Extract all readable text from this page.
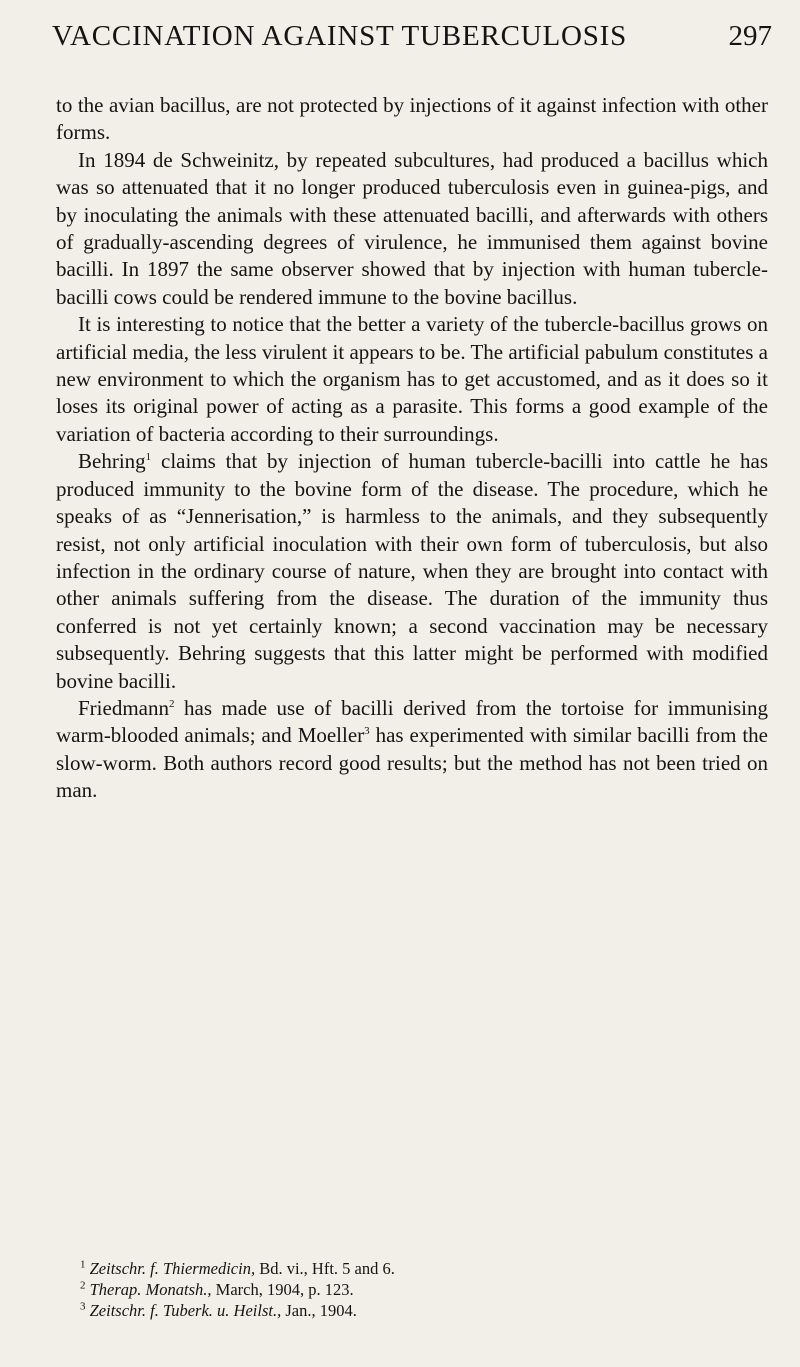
VACCINATION AGAINST TUBERCULOSIS	297

to the avian bacillus, are not protected by injections of it against infection with other forms.

In 1894 de Schweinitz, by repeated subcultures, had produced a bacillus which was so attenuated that it no longer produced tuberculosis even in guinea-pigs, and by inoculating the animals with these attenuated bacilli, and afterwards with others of gradually-ascending degrees of virulence, he immunised them against bovine bacilli. In 1897 the same observer showed that by injection with human tubercle-bacilli cows could be rendered immune to the bovine bacillus.

It is interesting to notice that the better a variety of the tubercle-bacillus grows on artificial media, the less virulent it appears to be. The artificial pabulum constitutes a new environment to which the organism has to get accustomed, and as it does so it loses its original power of acting as a parasite. This forms a good example of the variation of bacteria according to their surroundings.

Behring$^1$ claims that by injection of human tubercle-bacilli into cattle he has produced immunity to the bovine form of the disease. The procedure, which he speaks of as “Jennerisation,” is harmless to the animals, and they subsequently resist, not only artificial inoculation with their own form of tuberculosis, but also infection in the ordinary course of nature, when they are brought into contact with other animals suffering from the disease. The duration of the immunity thus conferred is not yet certainly known; a second vaccination may be necessary subsequently. Behring suggests that this latter might be performed with modified bovine bacilli.

Friedmann$^2$ has made use of bacilli derived from the tortoise for immunising warm-blooded animals; and Moeller$^3$ has experimented with similar bacilli from the slow-worm. Both authors record good results; but the method has not been tried on man.

$^1$ Zeitschr. f. Thiermedicin, Bd. vi., Hft. 5 and 6.
$^2$ Therap. Monatsh., March, 1904, p. 123.
$^3$ Zeitschr. f. Tuberk. u. Heilst., Jan., 1904.
